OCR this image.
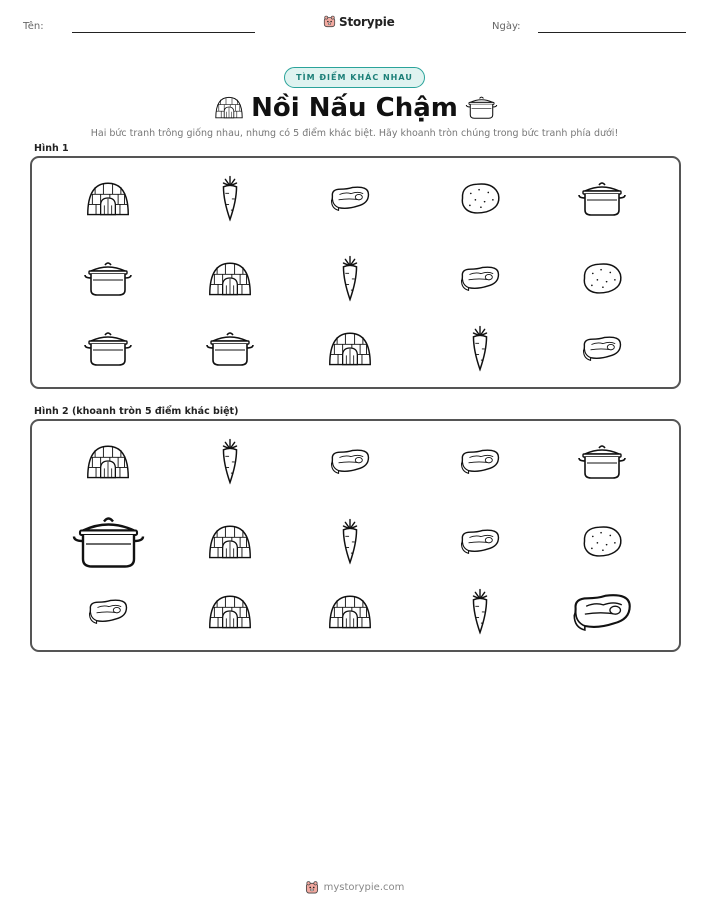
Tên:	Storypie	Ngày:
TÌM ĐIỂM KHÁC NHAU
Nồi Nấu Chậm
Hai bức tranh trông giống nhau, nhưng có 5 điểm khác biệt. Hãy khoanh tròn chúng trong bức tranh phía dưới!
Hình 1
Hình 2 (khoanh tròn 5 điểm khác biệt)
mystorypie.com
